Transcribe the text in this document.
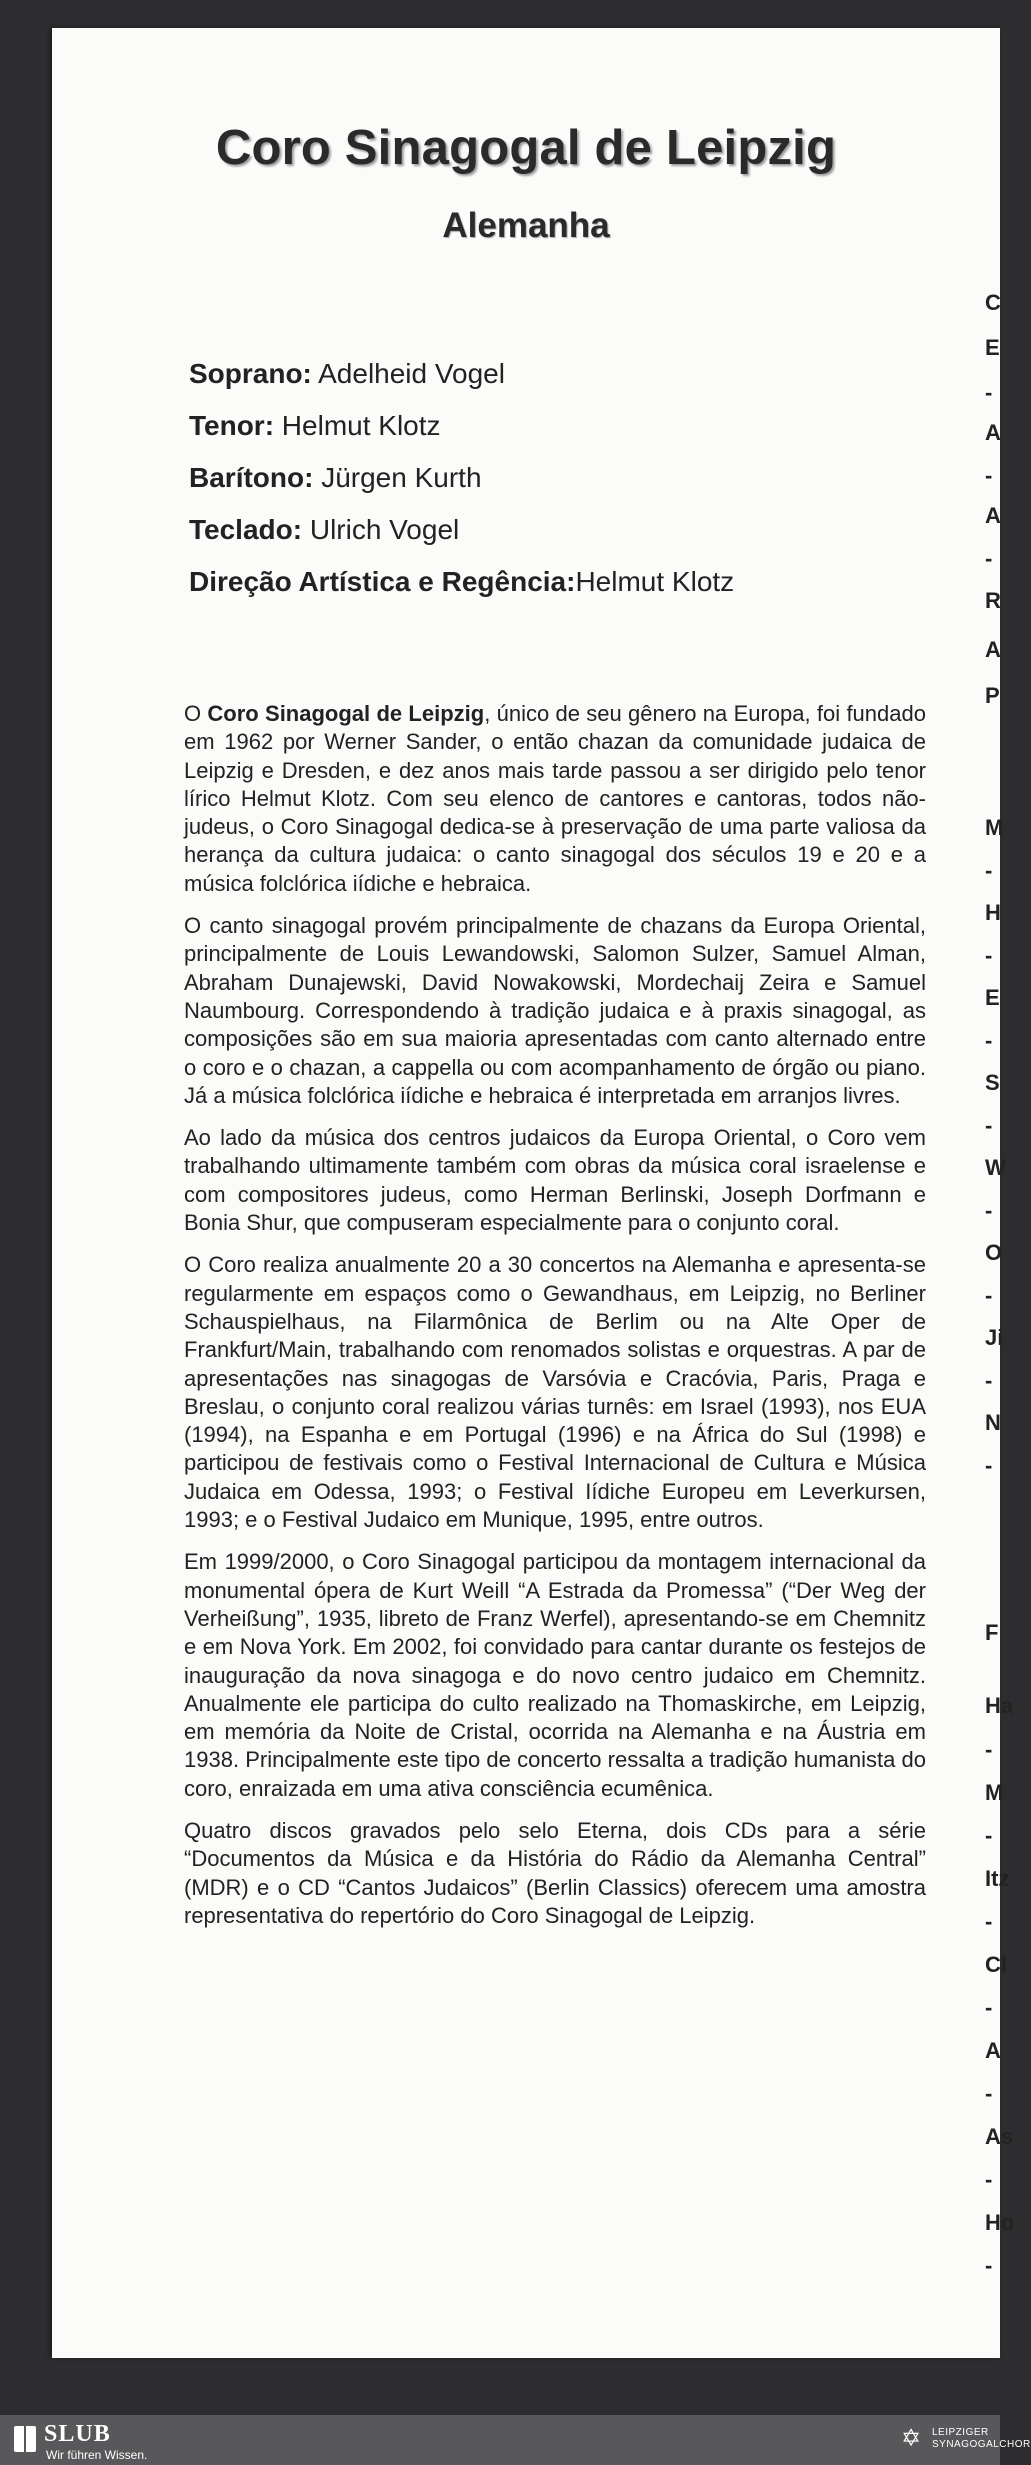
Coro Sinagogal de Leipzig
Alemanha
Soprano: Adelheid Vogel
Tenor: Helmut Klotz
Barítono: Jürgen Kurth
Teclado: Ulrich Vogel
Direção Artística e Regência:Helmut Klotz

O Coro Sinagogal de Leipzig, único de seu gênero na Europa, foi fundado em 1962 por Werner Sander, o então chazan da comunidade judaica de Leipzig e Dresden, e dez anos mais tarde passou a ser dirigido pelo tenor lírico Helmut Klotz. Com seu elenco de cantores e cantoras, todos não-judeus, o Coro Sinagogal dedica-se à preservação de uma parte valiosa da herança da cultura judaica: o canto sinagogal dos séculos 19 e 20 e a música folclórica iídiche e hebraica.

O canto sinagogal provém principalmente de chazans da Europa Oriental, principalmente de Louis Lewandowski, Salomon Sulzer, Samuel Alman, Abraham Dunajewski, David Nowakowski, Mordechaij Zeira e Samuel Naumbourg. Correspondendo à tradição judaica e à praxis sinagogal, as composições são em sua maioria apresentadas com canto alternado entre o coro e o chazan, a cappella ou com acompanhamento de órgão ou piano. Já a música folclórica iídiche e hebraica é interpretada em arranjos livres.

Ao lado da música dos centros judaicos da Europa Oriental, o Coro vem trabalhando ultimamente também com obras da música coral israelense e com compositores judeus, como Herman Berlinski, Joseph Dorfmann e Bonia Shur, que compuseram especialmente para o conjunto coral.

O Coro realiza anualmente 20 a 30 concertos na Alemanha e apresenta-se regularmente em espaços como o Gewandhaus, em Leipzig, no Berliner Schauspielhaus, na Filarmônica de Berlim ou na Alte Oper de Frankfurt/Main, trabalhando com renomados solistas e orquestras. A par de apresentações nas sinagogas de Varsóvia e Cracóvia, Paris, Praga e Breslau, o conjunto coral realizou várias turnês: em Israel (1993), nos EUA (1994), na Espanha e em Portugal (1996) e na África do Sul (1998) e participou de festivais como o Festival Internacional de Cultura e Música Judaica em Odessa, 1993; o Festival Iídiche Europeu em Leverkursen, 1993; e o Festival Judaico em Munique, 1995, entre outros.

Em 1999/2000, o Coro Sinagogal participou da montagem internacional da monumental ópera de Kurt Weill “A Estrada da Promessa” (“Der Weg der Verheißung”, 1935, libreto de Franz Werfel), apresentando-se em Chemnitz e em Nova York. Em 2002, foi convidado para cantar durante os festejos de inauguração da nova sinagoga e do novo centro judaico em Chemnitz. Anualmente ele participa do culto realizado na Thomaskirche, em Leipzig, em memória da Noite de Cristal, ocorrida na Alemanha e na Áustria em 1938. Principalmente este tipo de concerto ressalta a tradição humanista do coro, enraizada em uma ativa consciência ecumênica.

Quatro discos gravados pelo selo Eterna, dois CDs para a série “Documentos da Música e da História do Rádio da Alemanha Central” (MDR) e o CD “Cantos Judaicos” (Berlin Classics) oferecem uma amostra representativa do repertório do Coro Sinagogal de Leipzig.

C
E
-
A
-
A
-
R
A
P
M
-
H
-
E
-
S
-
W
-
O
-
Ji
-
N
-
F
Ha
-
M
-
Itz
-
Cl
-
A
-
As
-
Ho
-
SLUB
Wir führen Wissen.
✡ LEIPZIGER
SYNAGOGALCHOR
